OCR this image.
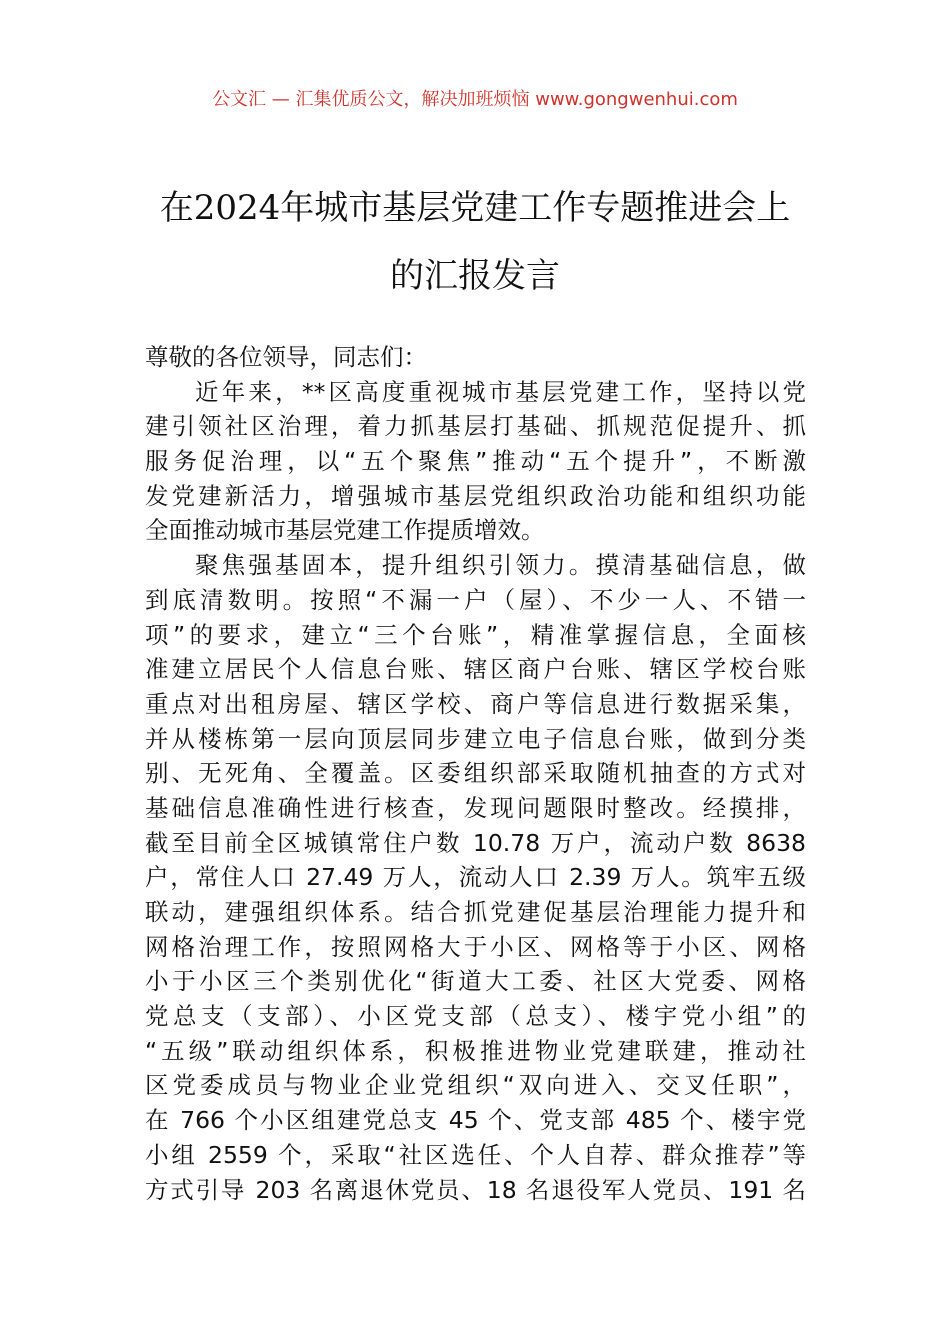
公文汇 — 汇集优质公文，解决加班烦恼 www.gongwenhui.com
在2024年城市基层党建工作专题推进会上
的汇报发言
尊敬的各位领导，同志们：
近年来，**区高度重视城市基层党建工作，坚持以党
建引领社区治理，着力抓基层打基础、抓规范促提升、抓
服务促治理，以“五个聚焦”推动“五个提升”，不断激
发党建新活力，增强城市基层党组织政治功能和组织功能
全面推动城市基层党建工作提质增效。
聚焦强基固本，提升组织引领力。摸清基础信息，做
到底清数明。按照“不漏一户（屋）、不少一人、不错一
项”的要求，建立“三个台账”，精准掌握信息，全面核
准建立居民个人信息台账、辖区商户台账、辖区学校台账
重点对出租房屋、辖区学校、商户等信息进行数据采集，
并从楼栋第一层向顶层同步建立电子信息台账，做到分类
别、无死角、全覆盖。区委组织部采取随机抽查的方式对
基础信息准确性进行核查，发现问题限时整改。经摸排，
截至目前全区城镇常住户数 10.78 万户，流动户数 8638
户，常住人口 27.49 万人，流动人口 2.39 万人。筑牢五级
联动，建强组织体系。结合抓党建促基层治理能力提升和
网格治理工作，按照网格大于小区、网格等于小区、网格
小于小区三个类别优化“街道大工委、社区大党委、网格
党总支（支部）、小区党支部（总支）、楼宇党小组”的
“五级”联动组织体系，积极推进物业党建联建，推动社
区党委成员与物业企业党组织“双向进入、交叉任职”，
在 766 个小区组建党总支 45 个、党支部 485 个、楼宇党
小组 2559 个，采取“社区选任、个人自荐、群众推荐”等
方式引导 203 名离退休党员、18 名退役军人党员、191 名
